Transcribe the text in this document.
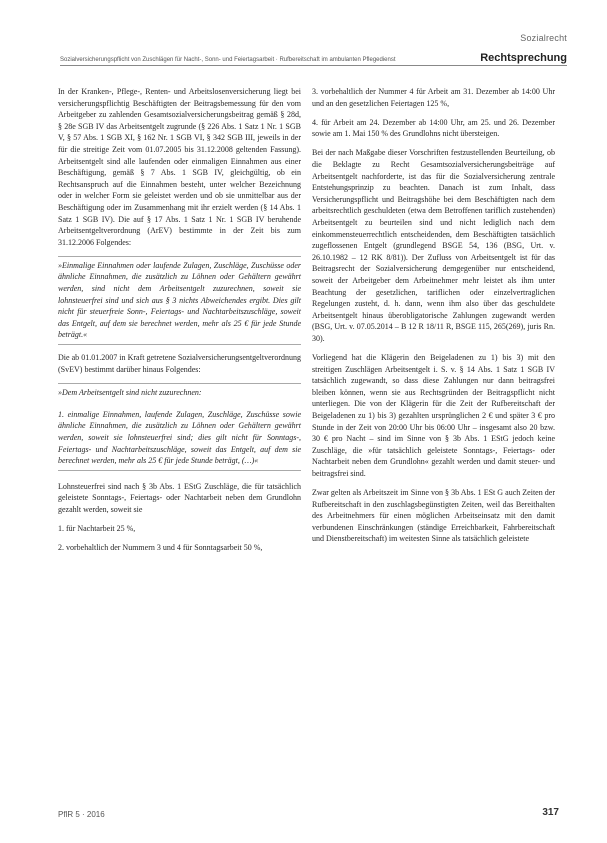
Sozialrecht
Sozialversicherungspflicht von Zuschlägen für Nacht-, Sonn- und Feiertagsarbeit · Rufbereitschaft im ambulanten Pflegedienst	Rechtsprechung

In der Kranken-, Pflege-, Renten- und Arbeitslosenversicherung liegt bei versicherungspflichtig Beschäftigten der Beitragsbemessung für den vom Arbeitgeber zu zahlenden Gesamtsozialversicherungsbeitrag gemäß § 28d, § 28e SGB IV das Arbeitsentgelt zugrunde (§ 226 Abs. 1 Satz 1 Nr. 1 SGB V, § 57 Abs. 1 SGB XI, § 162 Nr. 1 SGB VI, § 342 SGB III, jeweils in der für die streitige Zeit vom 01.07.2005 bis 31.12.2008 geltenden Fassung). Arbeitsentgelt sind alle laufenden oder einmaligen Einnahmen aus einer Beschäftigung, gemäß § 7 Abs. 1 SGB IV, gleichgültig, ob ein Rechtsanspruch auf die Einnahmen besteht, unter welcher Bezeichnung oder in welcher Form sie geleistet werden und ob sie unmittelbar aus der Beschäftigung oder im Zusammenhang mit ihr erzielt werden (§ 14 Abs. 1 Satz 1 SGB IV). Die auf § 17 Abs. 1 Satz 1 Nr. 1 SGB IV beruhende Arbeitsentgeltverordnung (ArEV) bestimmte in der Zeit bis zum 31.12.2006 Folgendes:

»Einmalige Einnahmen oder laufende Zulagen, Zuschläge, Zuschüsse oder ähnliche Einnahmen, die zusätzlich zu Löhnen oder Gehältern gewährt werden, sind nicht dem Arbeitsentgelt zuzurechnen, soweit sie lohnsteuerfrei sind und sich aus § 3 nichts Abweichendes ergibt. Dies gilt nicht für steuerfreie Sonn-, Feiertags- und Nachtarbeitszuschläge, soweit das Entgelt, auf dem sie berechnet werden, mehr als 25 € für jede Stunde beträgt.«

Die ab 01.01.2007 in Kraft getretene Sozialversicherungsentgeltverordnung (SvEV) bestimmt darüber hinaus Folgendes:

»Dem Arbeitsentgelt sind nicht zuzurechnen:

1. einmalige Einnahmen, laufende Zulagen, Zuschläge, Zuschüsse sowie ähnliche Einnahmen, die zusätzlich zu Löhnen oder Gehältern gewährt werden, soweit sie lohnsteuerfrei sind; dies gilt nicht für Sonntags-, Feiertags- und Nachtarbeitszuschläge, soweit das Entgelt, auf dem sie berechnet werden, mehr als 25 € für jede Stunde beträgt, (…)«

Lohnsteuerfrei sind nach § 3b Abs. 1 EStG Zuschläge, die für tatsächlich geleistete Sonntags-, Feiertags- oder Nachtarbeit neben dem Grundlohn gezahlt werden, soweit sie

1. für Nachtarbeit 25 %,

2. vorbehaltlich der Nummern 3 und 4 für Sonntagsarbeit 50 %,

3. vorbehaltlich der Nummer 4 für Arbeit am 31. Dezember ab 14:00 Uhr und an den gesetzlichen Feiertagen 125 %,

4. für Arbeit am 24. Dezember ab 14:00 Uhr, am 25. und 26. Dezember sowie am 1. Mai 150 % des Grundlohns nicht übersteigen.

Bei der nach Maßgabe dieser Vorschriften festzustellenden Beurteilung, ob die Beklagte zu Recht Gesamtsozialversicherungsbeiträge auf Arbeitsentgelt nachforderte, ist das für die Sozialversicherung zentrale Entstehungsprinzip zu beachten. Danach ist zum Inhalt, dass Versicherungspflicht und Beitragshöhe bei dem Beschäftigten nach dem arbeitsrechtlich geschuldeten (etwa dem Betroffenen tariflich zustehenden) Arbeitsentgelt zu beurteilen sind und nicht lediglich nach dem einkommensteuerrechtlich entscheidenden, dem Beschäftigten tatsächlich zugeflossenen Entgelt (grundlegend BSGE 54, 136 (BSG, Urt. v. 26.10.1982 – 12 RK 8/81)). Der Zufluss von Arbeitsentgelt ist für das Beitragsrecht der Sozialversicherung demgegenüber nur entscheidend, soweit der Arbeitgeber dem Arbeitnehmer mehr leistet als ihm unter Beachtung der gesetzlichen, tariflichen oder einzelvertraglichen Regelungen zusteht, d. h. dann, wenn ihm also über das geschuldete Arbeitsentgelt hinaus überobligatorische Zahlungen zugewandt werden (BSG, Urt. v. 07.05.2014 – B 12 R 18/11 R, BSGE 115, 265(269), juris Rn. 30).

Vorliegend hat die Klägerin den Beigeladenen zu 1) bis 3) mit den streitigen Zuschlägen Arbeitsentgelt i. S. v. § 14 Abs. 1 Satz 1 SGB IV tatsächlich zugewandt, so dass diese Zahlungen nur dann beitragsfrei bleiben können, wenn sie aus Rechtsgründen der Beitragspflicht nicht unterliegen. Die von der Klägerin für die Zeit der Rufbereitschaft der Beigeladenen zu 1) bis 3) gezahlten ursprünglichen 2 € und später 3 € pro Stunde in der Zeit von 20:00 Uhr bis 06:00 Uhr – insgesamt also 20 bzw. 30 € pro Nacht – sind im Sinne von § 3b Abs. 1 EStG jedoch keine Zuschläge, die »für tatsächlich geleistete Sonntags-, Feiertags- oder Nachtarbeit neben dem Grundlohn« gezahlt werden und damit steuer- und beitragsfrei sind.

Zwar gelten als Arbeitszeit im Sinne von § 3b Abs. 1 ESt G auch Zeiten der Rufbereitschaft in den zuschlagsbegünstigten Zeiten, weil das Bereithalten des Arbeitnehmers für einen möglichen Arbeitseinsatz mit den damit verbundenen Einschränkungen (ständige Erreichbarkeit, Fahrbereitschaft und Dienstbereitschaft) im weitesten Sinne als tatsächlich geleistete

PflR 5 · 2016	317
